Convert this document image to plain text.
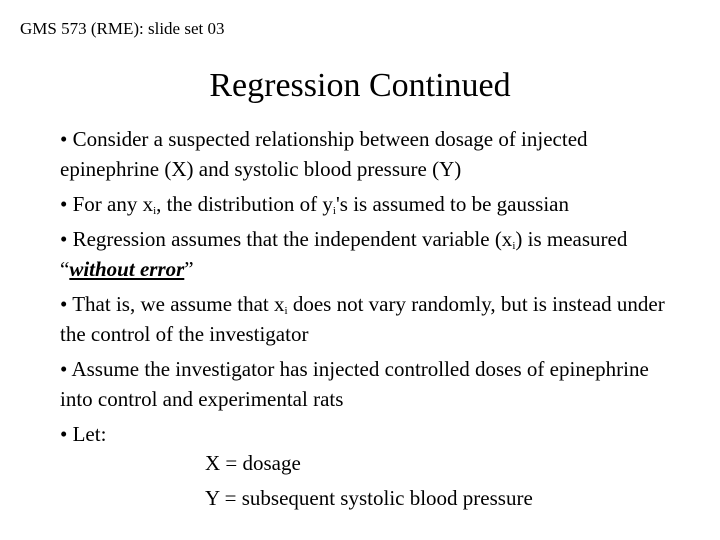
GMS 573 (RME): slide set 03
Regression Continued
• Consider a suspected relationship between dosage of injected epinephrine (X) and systolic blood pressure (Y)
• For any $x_i$, the distribution of $y_i's$ is assumed to be gaussian
• Regression assumes that the independent variable $(x_i)$ is measured “without error”
• That is, we assume that $x_i$ does not vary randomly, but is instead under the control of the investigator
• Assume the investigator has injected controlled doses of epinephrine into control and experimental rats
• Let:
X = dosage
Y = subsequent systolic blood pressure
